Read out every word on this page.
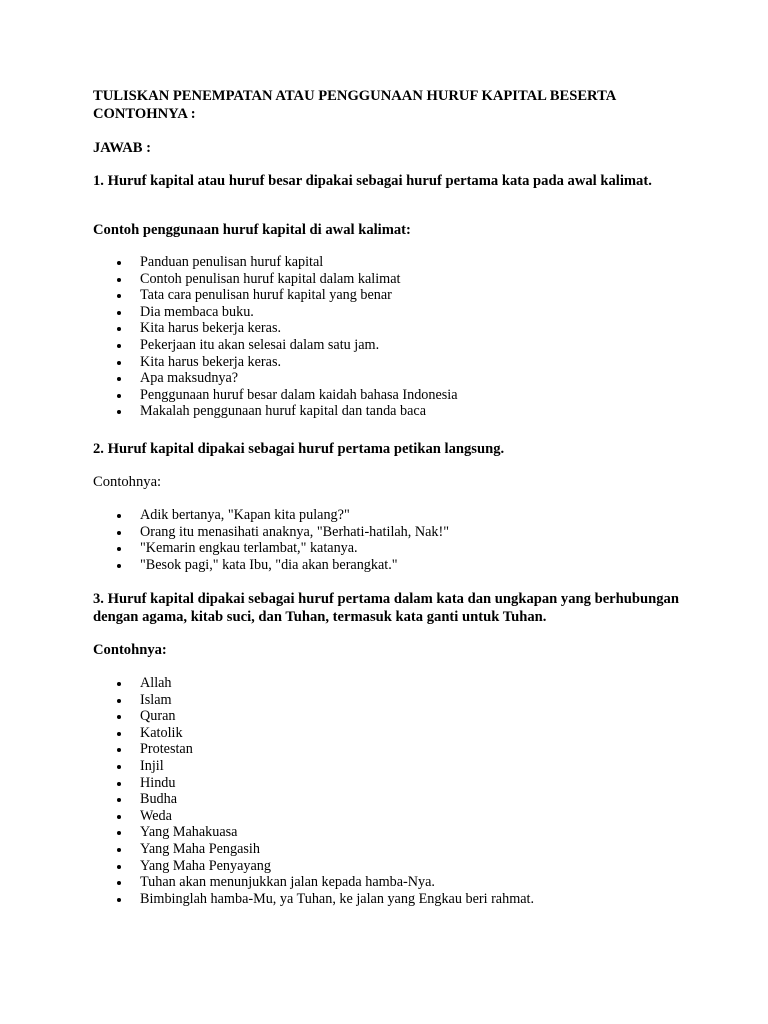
TULISKAN PENEMPATAN ATAU PENGGUNAAN HURUF KAPITAL BESERTA CONTOHNYA :

JAWAB :

1. Huruf kapital atau huruf besar dipakai sebagai huruf pertama kata pada awal kalimat.

Contoh penggunaan huruf kapital di awal kalimat:

Panduan penulisan huruf kapital
Contoh penulisan huruf kapital dalam kalimat
Tata cara penulisan huruf kapital yang benar
Dia membaca buku.
Kita harus bekerja keras.
Pekerjaan itu akan selesai dalam satu jam.
Kita harus bekerja keras.
Apa maksudnya?
Penggunaan huruf besar dalam kaidah bahasa Indonesia
Makalah penggunaan huruf kapital dan tanda baca

2. Huruf kapital dipakai sebagai huruf pertama petikan langsung.

Contohnya:

Adik bertanya, "Kapan kita pulang?"
Orang itu menasihati anaknya, "Berhati-hatilah, Nak!"
"Kemarin engkau terlambat," katanya.
"Besok pagi," kata Ibu, "dia akan berangkat."

3. Huruf kapital dipakai sebagai huruf pertama dalam kata dan ungkapan yang berhubungan dengan agama, kitab suci, dan Tuhan, termasuk kata ganti untuk Tuhan.

Contohnya:

Allah
Islam
Quran
Katolik
Protestan
Injil
Hindu
Budha
Weda
Yang Mahakuasa
Yang Maha Pengasih
Yang Maha Penyayang
Tuhan akan menunjukkan jalan kepada hamba-Nya.
Bimbinglah hamba-Mu, ya Tuhan, ke jalan yang Engkau beri rahmat.
